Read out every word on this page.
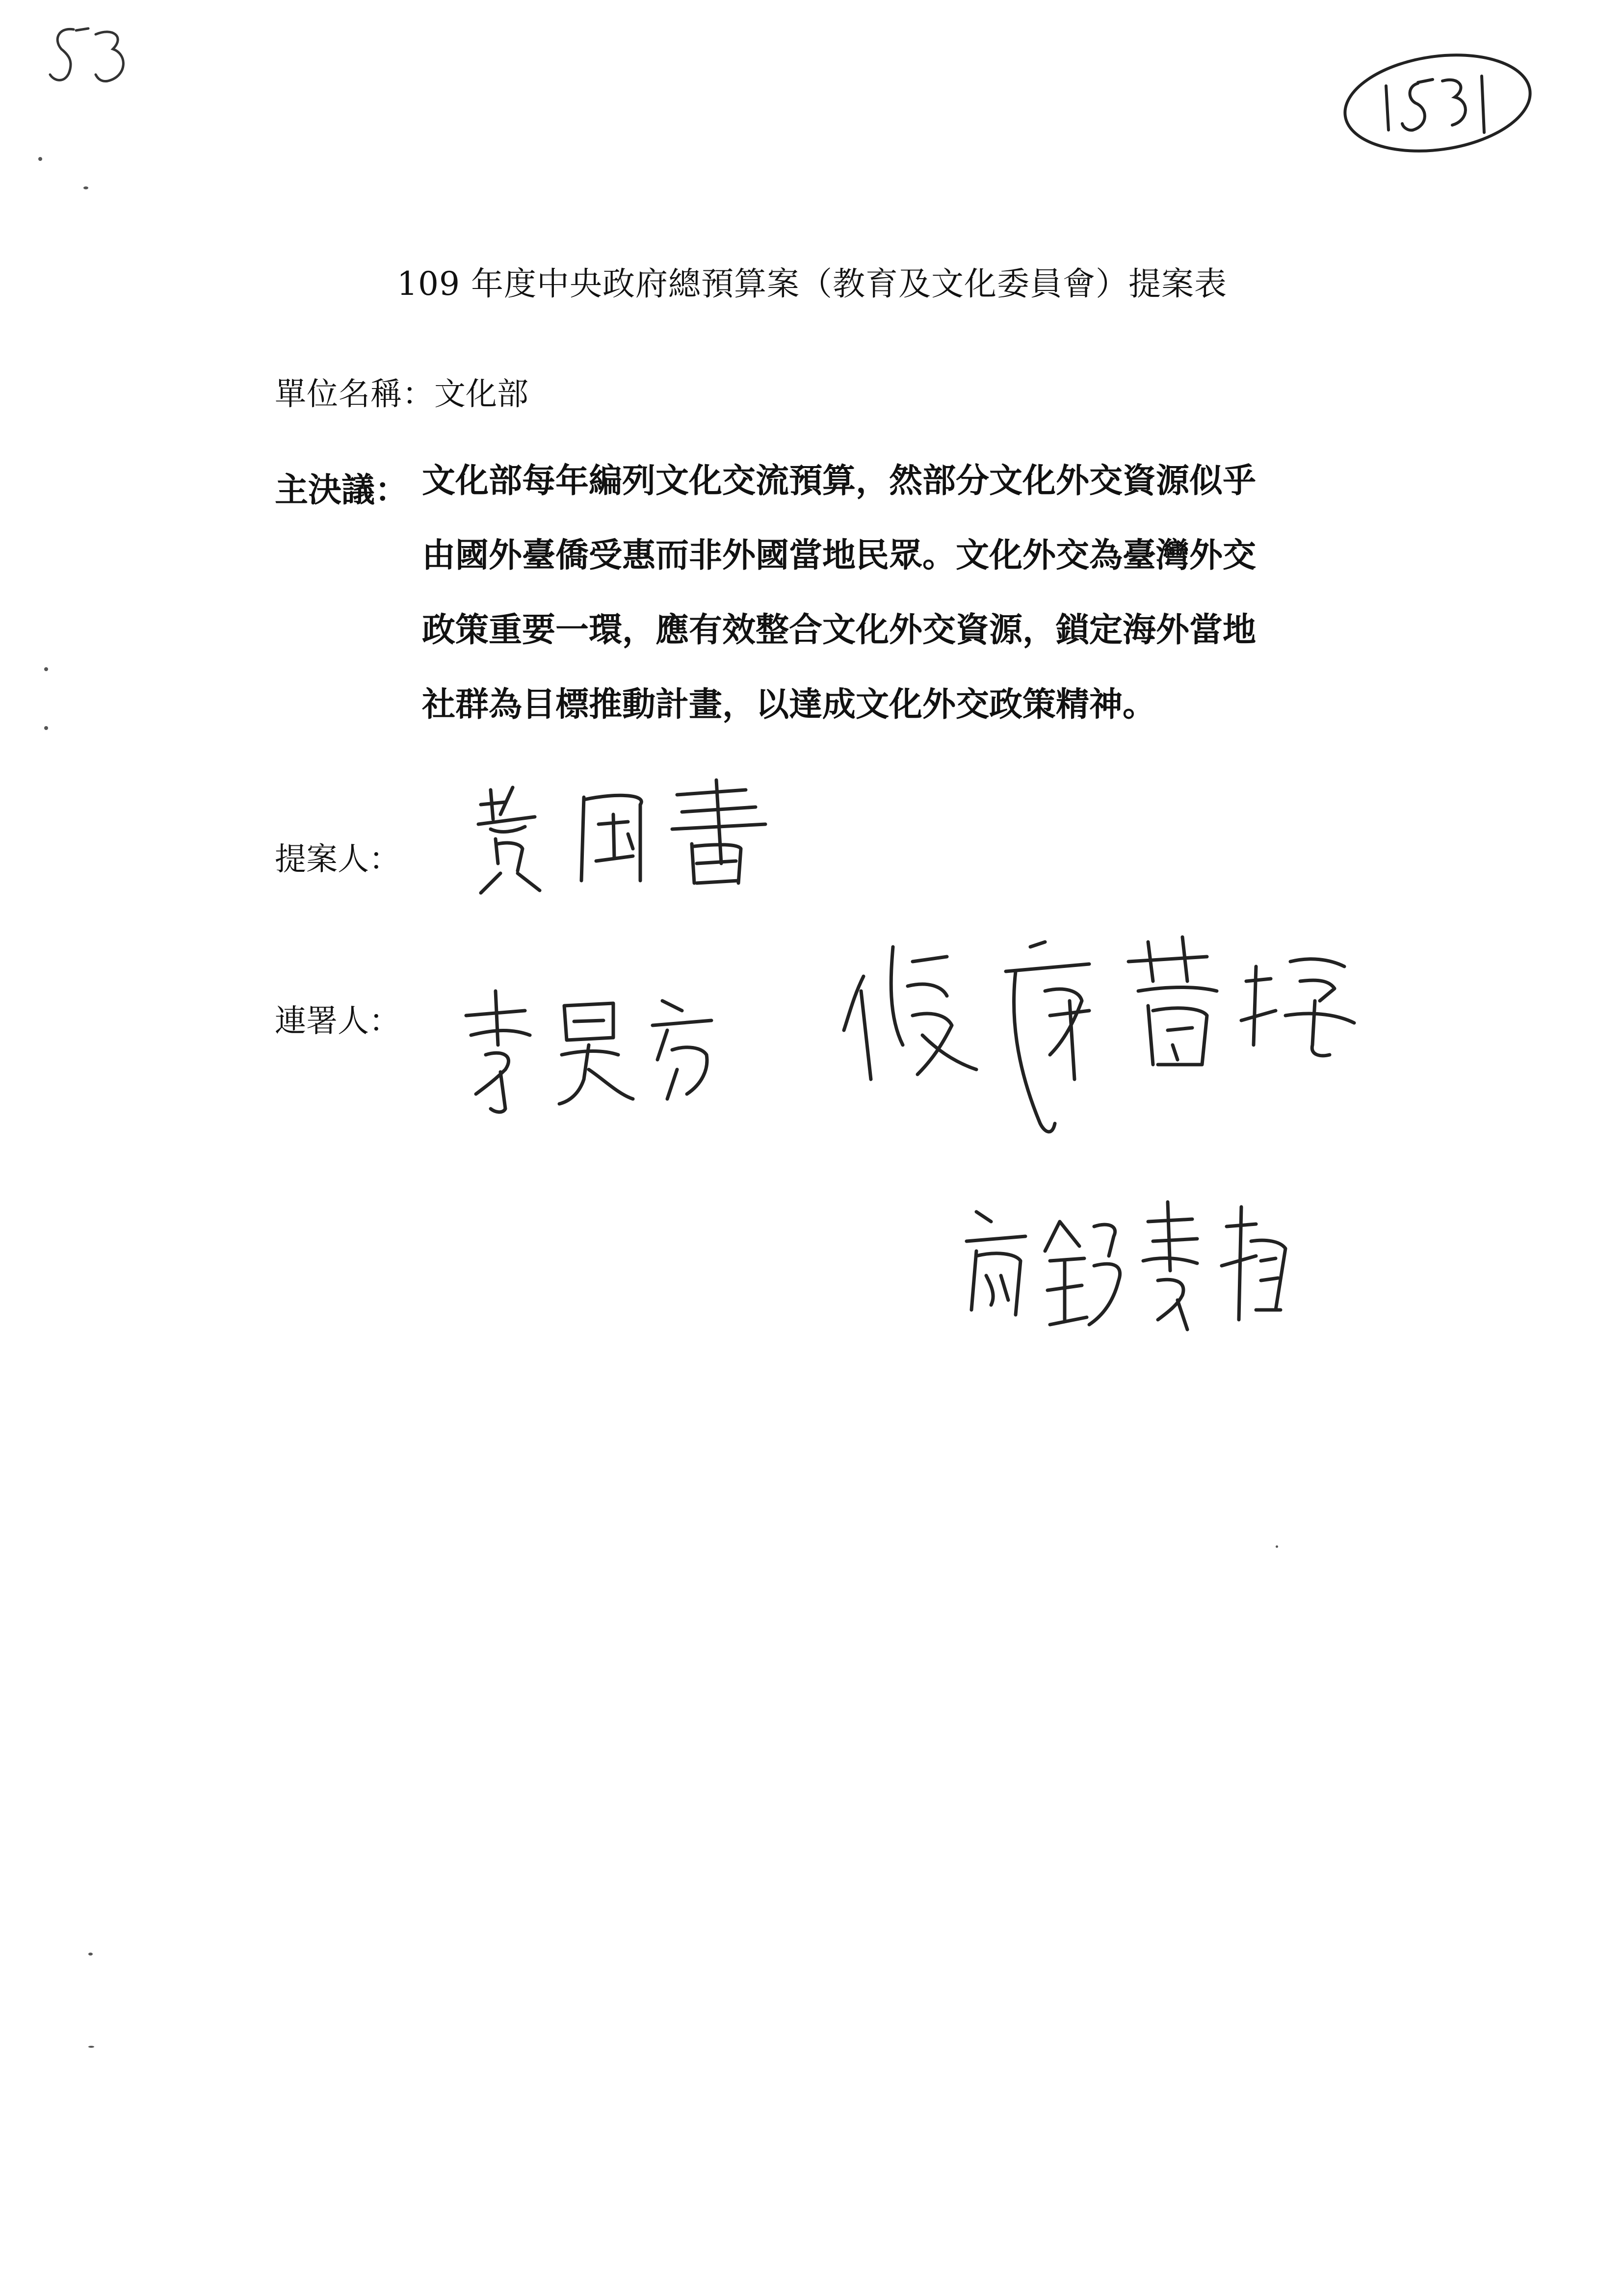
109 年度中央政府總預算案（教育及文化委員會）提案表
單位名稱：文化部
主決議： 文化部每年編列文化交流預算，然部分文化外交資源似乎
由國外臺僑受惠而非外國當地民眾。文化外交為臺灣外交
政策重要一環，應有效整合文化外交資源，鎖定海外當地
社群為目標推動計畫，以達成文化外交政策精神。
提案人：
連署人：
